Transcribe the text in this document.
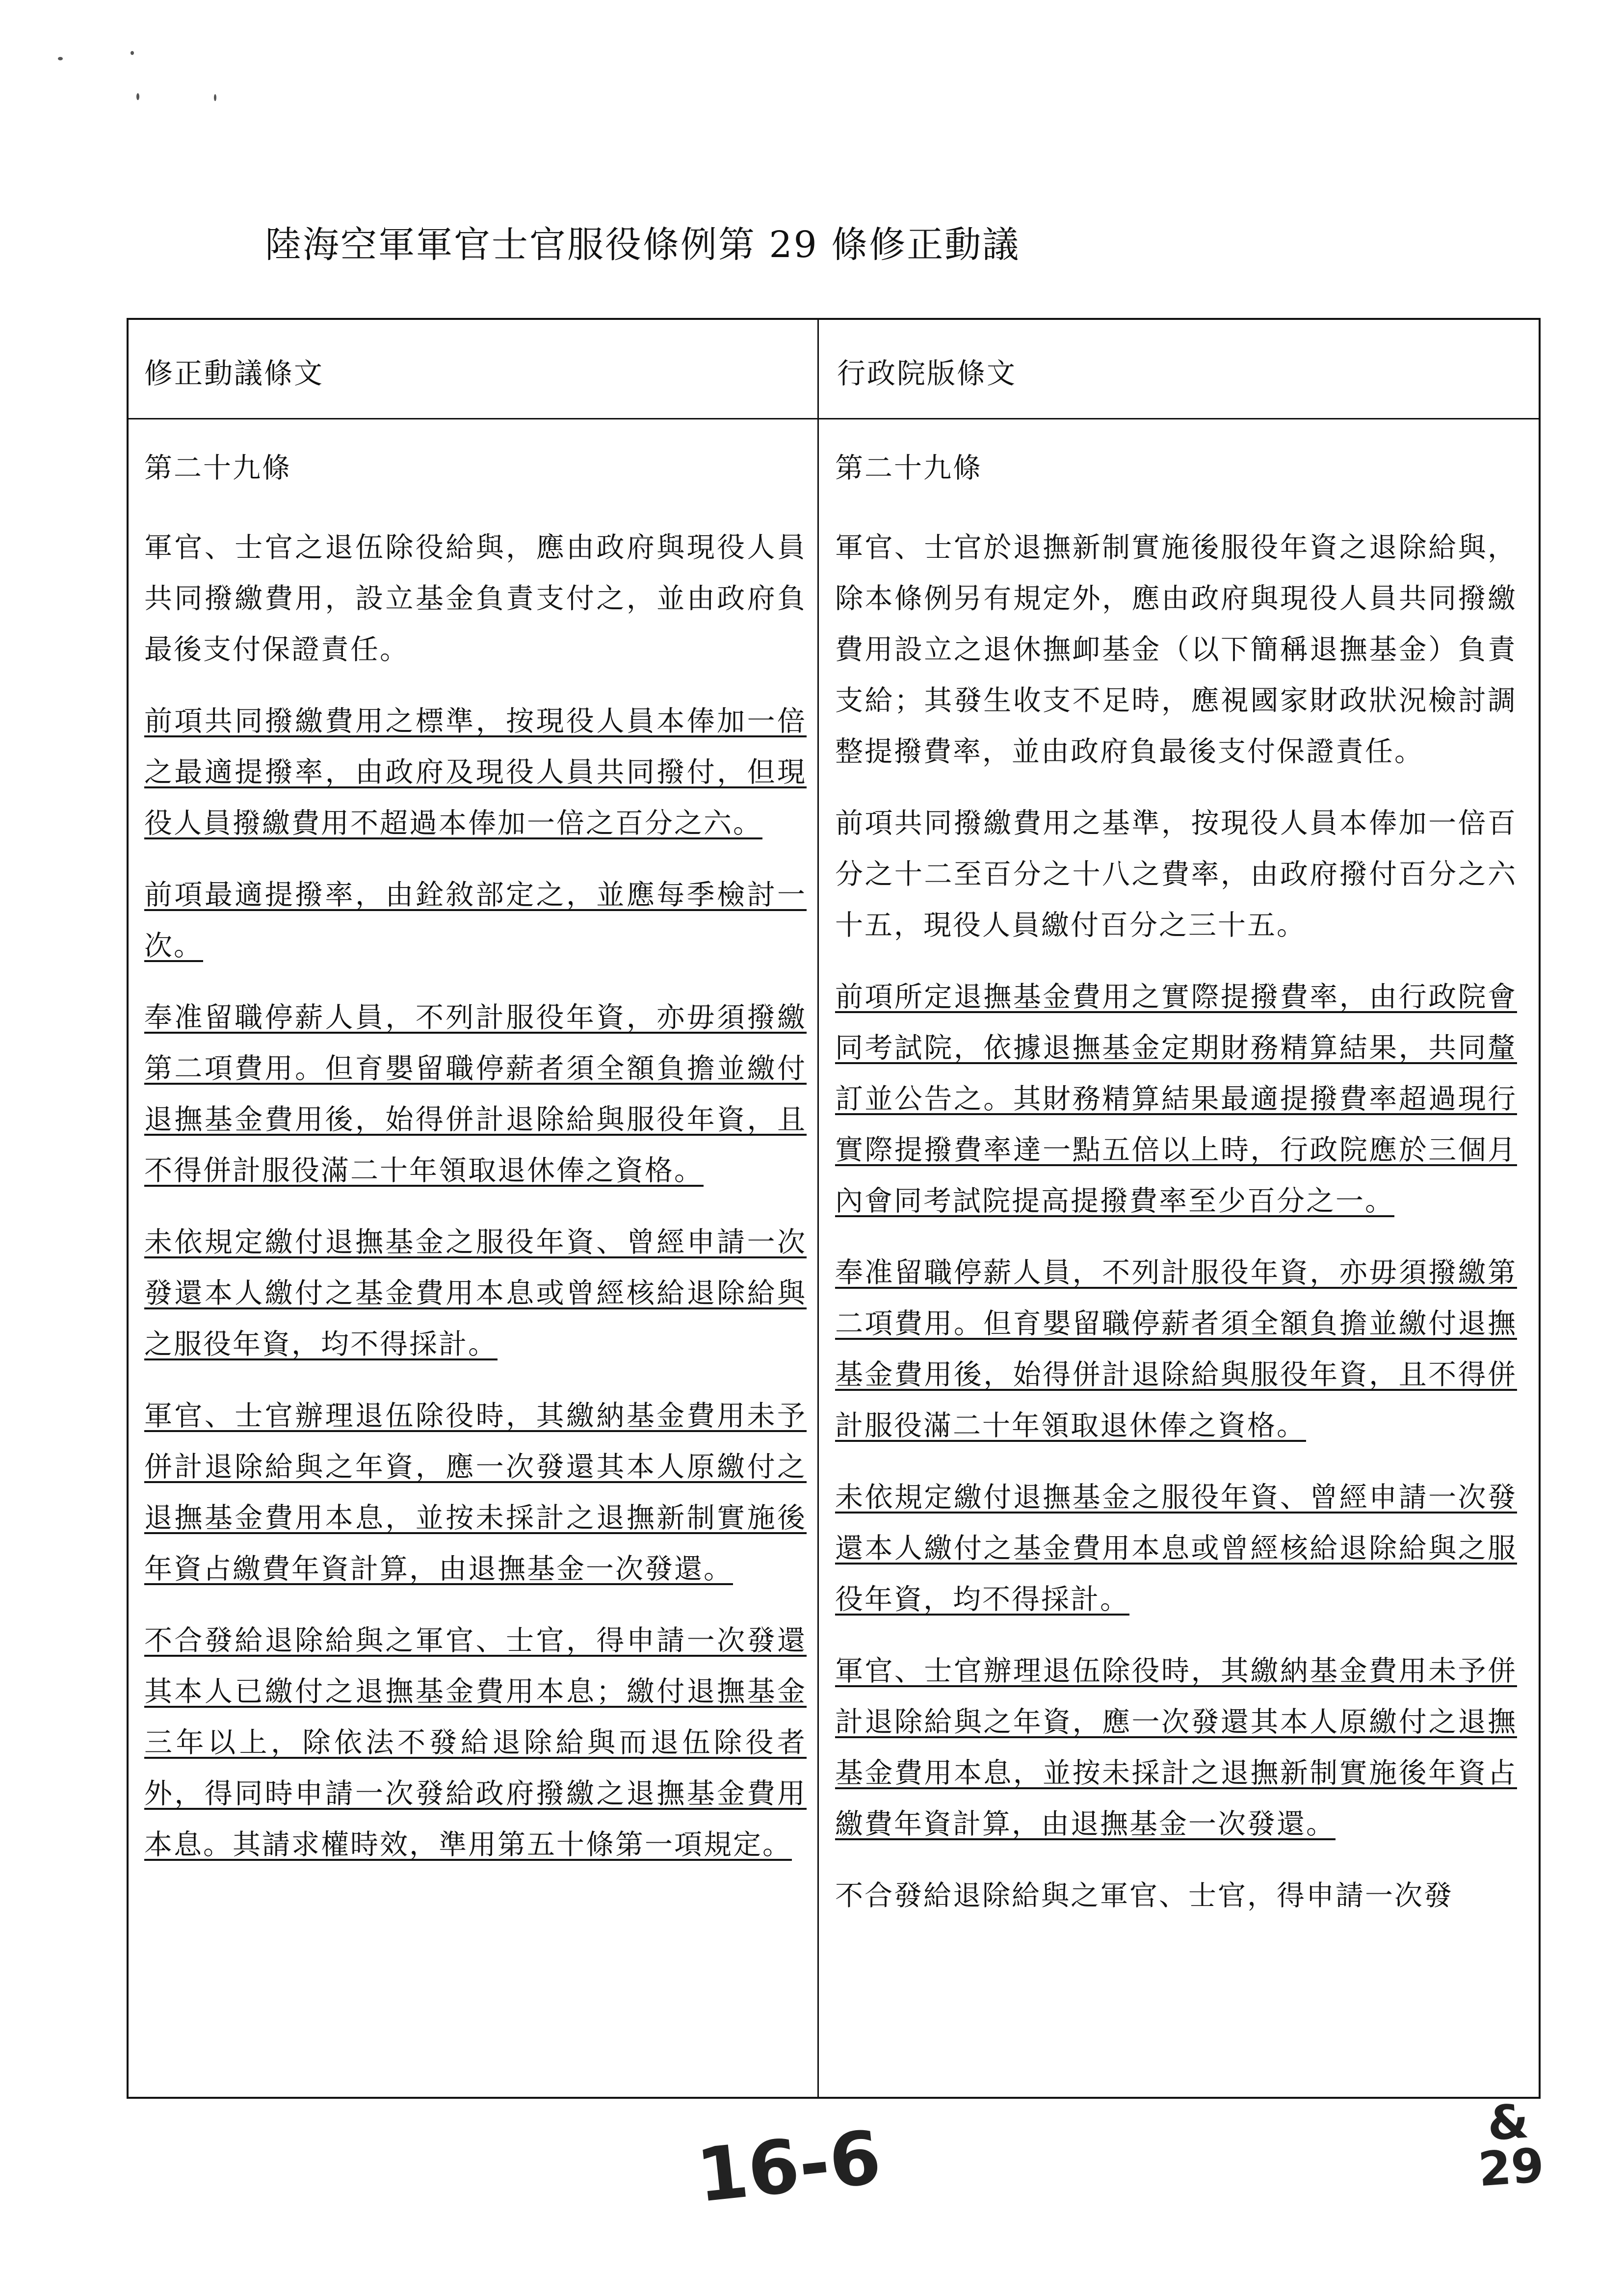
陸海空軍軍官士官服役條例第 29 條修正動議
修正動議條文	行政院版條文

第二十九條

軍官、士官之退伍除役給與，應由政府與現役人員共同撥繳費用，設立基金負責支付之，並由政府負最後支付保證責任。

前項共同撥繳費用之標準，按現役人員本俸加一倍之最適提撥率，由政府及現役人員共同撥付，但現役人員撥繳費用不超過本俸加一倍之百分之六。

前項最適提撥率，由銓敘部定之，並應每季檢討一次。

奉准留職停薪人員，不列計服役年資，亦毋須撥繳第二項費用。但育嬰留職停薪者須全額負擔並繳付退撫基金費用後，始得併計退除給與服役年資，且不得併計服役滿二十年領取退休俸之資格。

未依規定繳付退撫基金之服役年資、曾經申請一次發還本人繳付之基金費用本息或曾經核給退除給與之服役年資，均不得採計。

軍官、士官辦理退伍除役時，其繳納基金費用未予併計退除給與之年資，應一次發還其本人原繳付之退撫基金費用本息，並按未採計之退撫新制實施後年資占繳費年資計算，由退撫基金一次發還。

不合發給退除給與之軍官、士官，得申請一次發還其本人已繳付之退撫基金費用本息；繳付退撫基金三年以上，除依法不發給退除給與而退伍除役者外，得同時申請一次發給政府撥繳之退撫基金費用本息。其請求權時效，準用第五十條第一項規定。

第二十九條

軍官、士官於退撫新制實施後服役年資之退除給與，除本條例另有規定外，應由政府與現役人員共同撥繳費用設立之退休撫卹基金（以下簡稱退撫基金）負責支給；其發生收支不足時，應視國家財政狀況檢討調整提撥費率，並由政府負最後支付保證責任。

前項共同撥繳費用之基準，按現役人員本俸加一倍百分之十二至百分之十八之費率，由政府撥付百分之六十五，現役人員繳付百分之三十五。

前項所定退撫基金費用之實際提撥費率，由行政院會同考試院，依據退撫基金定期財務精算結果，共同釐訂並公告之。其財務精算結果最適提撥費率超過現行實際提撥費率達一點五倍以上時，行政院應於三個月內會同考試院提高提撥費率至少百分之一。

奉准留職停薪人員，不列計服役年資，亦毋須撥繳第二項費用。但育嬰留職停薪者須全額負擔並繳付退撫基金費用後，始得併計退除給與服役年資，且不得併計服役滿二十年領取退休俸之資格。

未依規定繳付退撫基金之服役年資、曾經申請一次發還本人繳付之基金費用本息或曾經核給退除給與之服役年資，均不得採計。

軍官、士官辦理退伍除役時，其繳納基金費用未予併計退除給與之年資，應一次發還其本人原繳付之退撫基金費用本息，並按未採計之退撫新制實施後年資占繳費年資計算，由退撫基金一次發還。

不合發給退除給與之軍官、士官，得申請一次發

16-6	&
29
